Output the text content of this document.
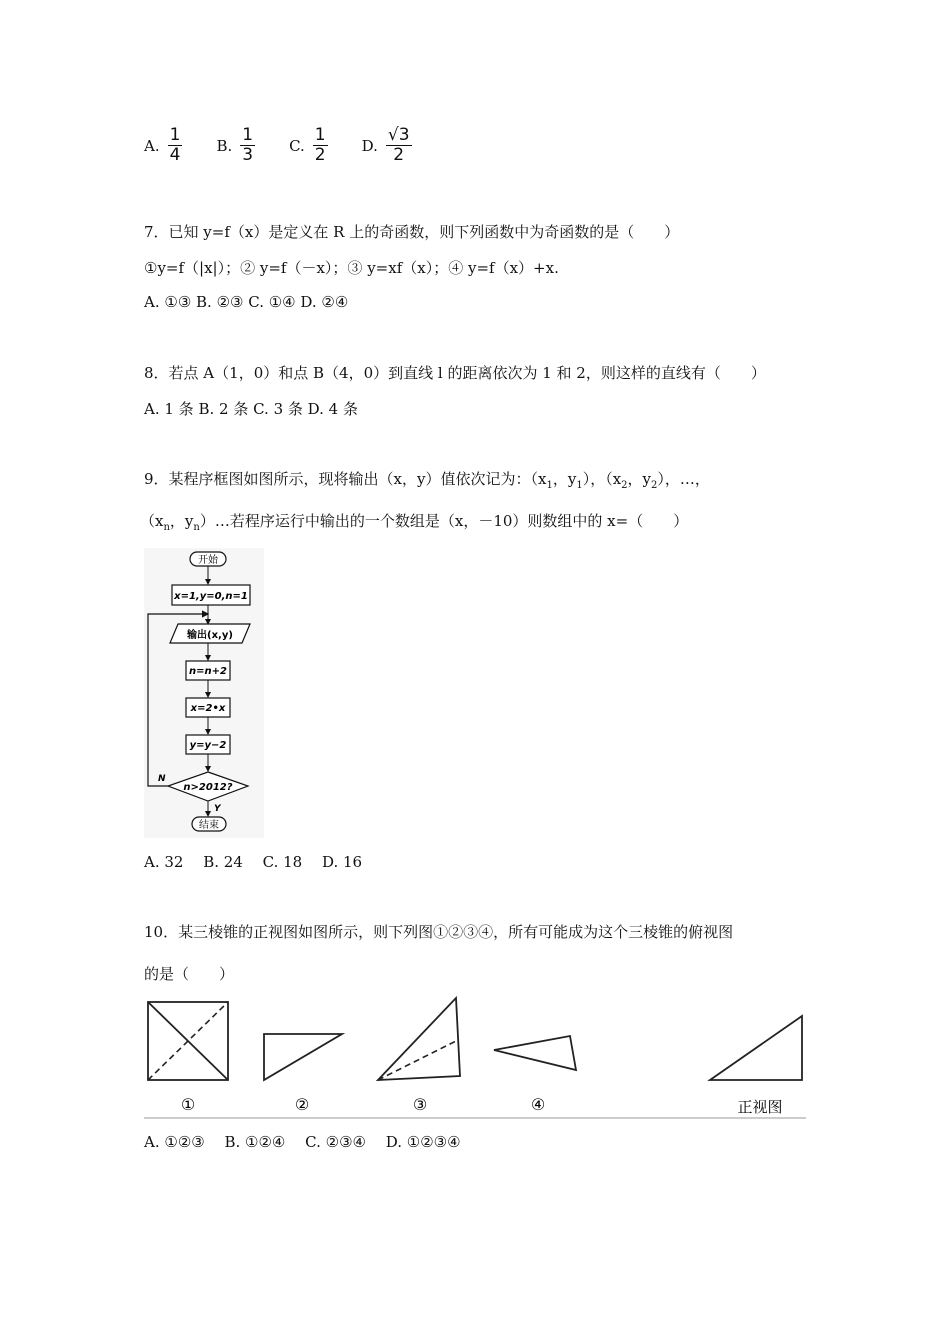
A. $\frac{1}{4} B$. $\frac{1}{3} C$. $\frac{1}{2} D$. $\frac{√3}{2}$
7．已知 y=f（x）是定义在 R 上的奇函数，则下列函数中为奇函数的是（　　）
①y=f（|x|）；② y=f（－x）；③ y=xf（x）；④ y=f（x）+x.
A. ①③ B. ②③ C. ①④ D. ②④
8．若点 A（1，0）和点 B（4，0）到直线 l 的距离依次为 1 和 2，则这样的直线有（　　）
A. 1 条 B. 2 条 C. 3 条 D. 4 条
9．某程序框图如图所示，现将输出（x，y）值依次记为：（$x_1$，$y_1$），（$x_2$，$y_2$），…，
（$x_n$，$y_n)\dots$若程序运行中输出的一个数组是（x，－10）则数组中的 x=（　　）
开始
x=1,y=0,n=1
输出(x,y)
n=n+2
x=2•x
y=y−2
n>2012?
N
Y
结束
A. 32　 B. 24　 C. 18　 D. 16
10．某三棱锥的正视图如图所示，则下列图①②③④，所有可能成为这个三棱锥的俯视图
的是（　　）
①	②	③	④	正视图
A. ①②③　 B. ①②④　 C. ②③④　 D. ①②③④
